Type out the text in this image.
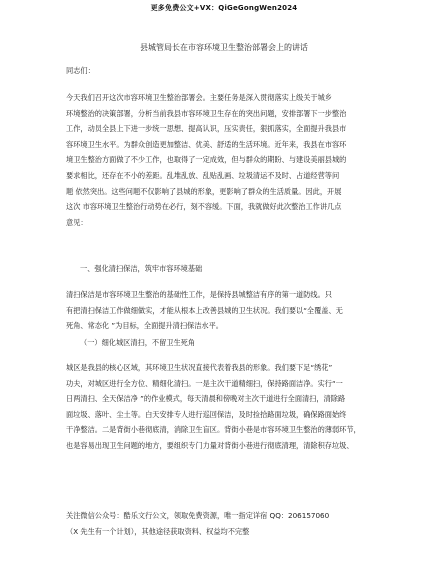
更多免费公文+VX：QiGeGongWen2024
县城管局长在市容环境卫生整治部署会上的讲话
同志们：
今天我们召开这次市容环境卫生整治部署会。主要任务是深入贯彻落实上级关于城乡
环境整治的决策部署，分析当前我县市容环境卫生存在的突出问题，安排部署下一步整治
工作，动员全县上下进一步统一思想、提高认识，压实责任，狠抓落实，全面提升我县市
容环境卫生水平。为群众创造更加整洁、优美、舒适的生活环境。近年来，我县在市容环
境卫生整治方面做了不少工作，也取得了一定成效，但与群众的期盼、与建设美丽县城的
要求相比，还存在不小的差距。乱堆乱放、乱贴乱画、垃圾清运不及时、占道经营等问
题 依然突出。这些问题不仅影响了县城的形象，更影响了群众的生活质量。因此，开展
这次 市容环境卫生整治行动势在必行，刻不容缓。下面，我就做好此次整治工作讲几点
意见：
一、强化清扫保洁，筑牢市容环境基础
清扫保洁是市容环境卫生整治的基础性工作，是保持县城整洁有序的第一道防线。只
有把清扫保洁工作做细做实，才能从根本上改善县城的卫生状况。我们要以“全覆盖、无
死角、常态化 ”为目标，全面提升清扫保洁水平。
（一）细化城区清扫，不留卫生死角
城区是我县的核心区域，其环境卫生状况直接代表着我县的形象。我们要下足“绣花”
功夫，对城区进行全方位、精细化清扫。一是主次干道精细扫，保持路面洁净。实行“一
日两清扫、全天保洁净 ”的作业模式，每天清晨和傍晚对主次干道进行全面清扫，清除路
面垃圾、落叶、尘土等。白天安排专人进行巡回保洁，及时捡拾路面垃圾，确保路面始终
干净整洁。二是背街小巷彻底清，消除卫生盲区。背街小巷是市容环境卫生整治的薄弱环节，
也是容易出现卫生问题的地方，要组织专门力量对背街小巷进行彻底清理，清除积存垃圾、
关注微信公众号：酷乐文行公文，领取免费资源，唯一指定详宿 QQ：206157060
（X 先生有一个计划），其他途径获取资料、权益均不完整
